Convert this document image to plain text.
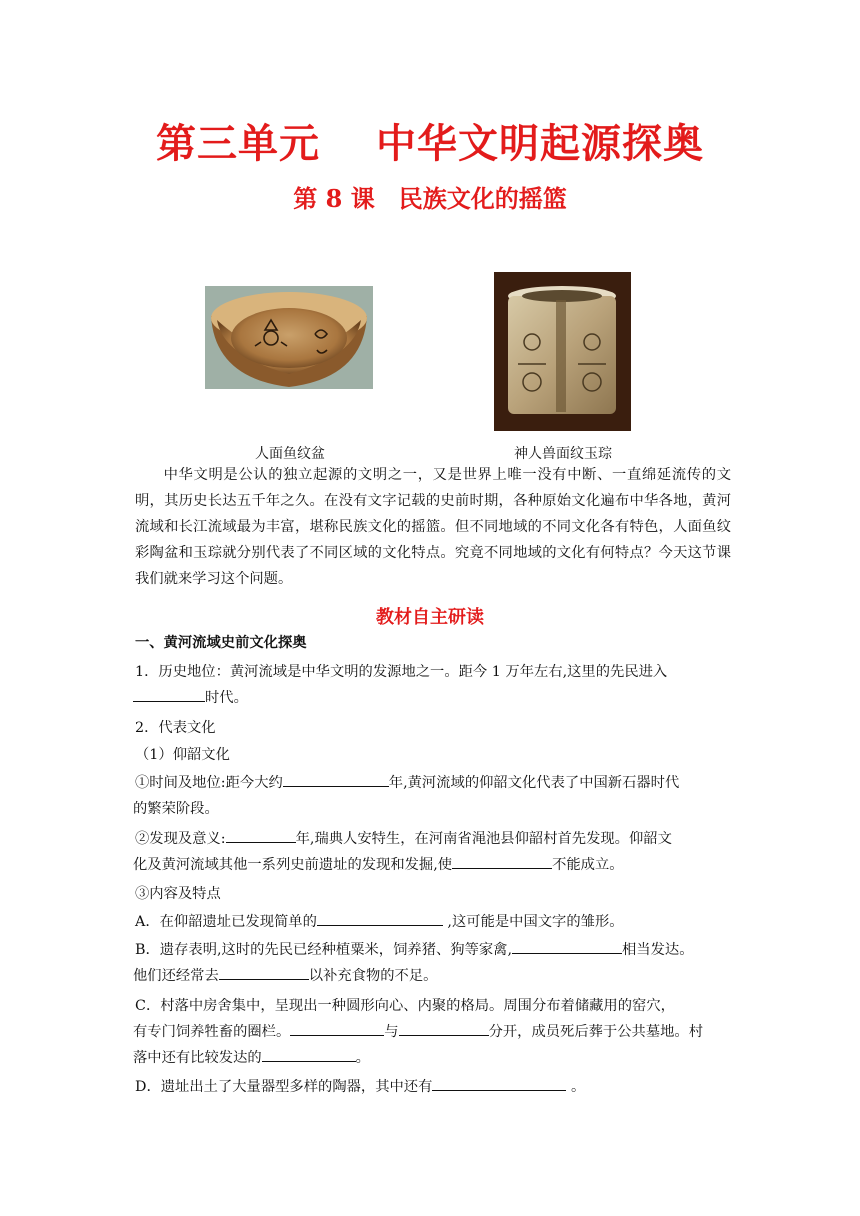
第三单元　 中华文明起源探奥
第 8 课　民族文化的摇篮
人面鱼纹盆	神人兽面纹玉琮

中华文明是公认的独立起源的文明之一，又是世界上唯一没有中断、一直绵延流传的文明，其历史长达五千年之久。在没有文字记载的史前时期，各种原始文化遍布中华各地，黄河流域和长江流域最为丰富，堪称民族文化的摇篮。但不同地域的不同文化各有特色，人面鱼纹彩陶盆和玉琮就分别代表了不同区域的文化特点。究竟不同地域的文化有何特点？今天这节课我们就来学习这个问题。

教材自主研读

一、黄河流域史前文化探奥

1．历史地位：黄河流域是中华文明的发源地之一。距今 1 万年左右,这里的先民进入

时代。

2．代表文化

（1）仰韶文化

①时间及地位:距今大约	年,黄河流域的仰韶文化代表了中国新石器时代

的繁荣阶段。

②发现及意义:	年,瑞典人安特生，在河南省渑池县仰韶村首先发现。仰韶文

化及黄河流域其他一系列史前遗址的发现和发掘,使	不能成立。

③内容及特点

A．在仰韶遗址已发现简单的	,这可能是中国文字的雏形。

B．遗存表明,这时的先民已经种植粟米，饲养猪、狗等家禽,	相当发达。

他们还经常去	以补充食物的不足。

C．村落中房舍集中，呈现出一种圆形向心、内聚的格局。周围分布着储藏用的窑穴，

有专门饲养牲畜的圈栏。	与	分开，成员死后葬于公共墓地。村

落中还有比较发达的	。

D．遗址出土了大量器型多样的陶器，其中还有	。
